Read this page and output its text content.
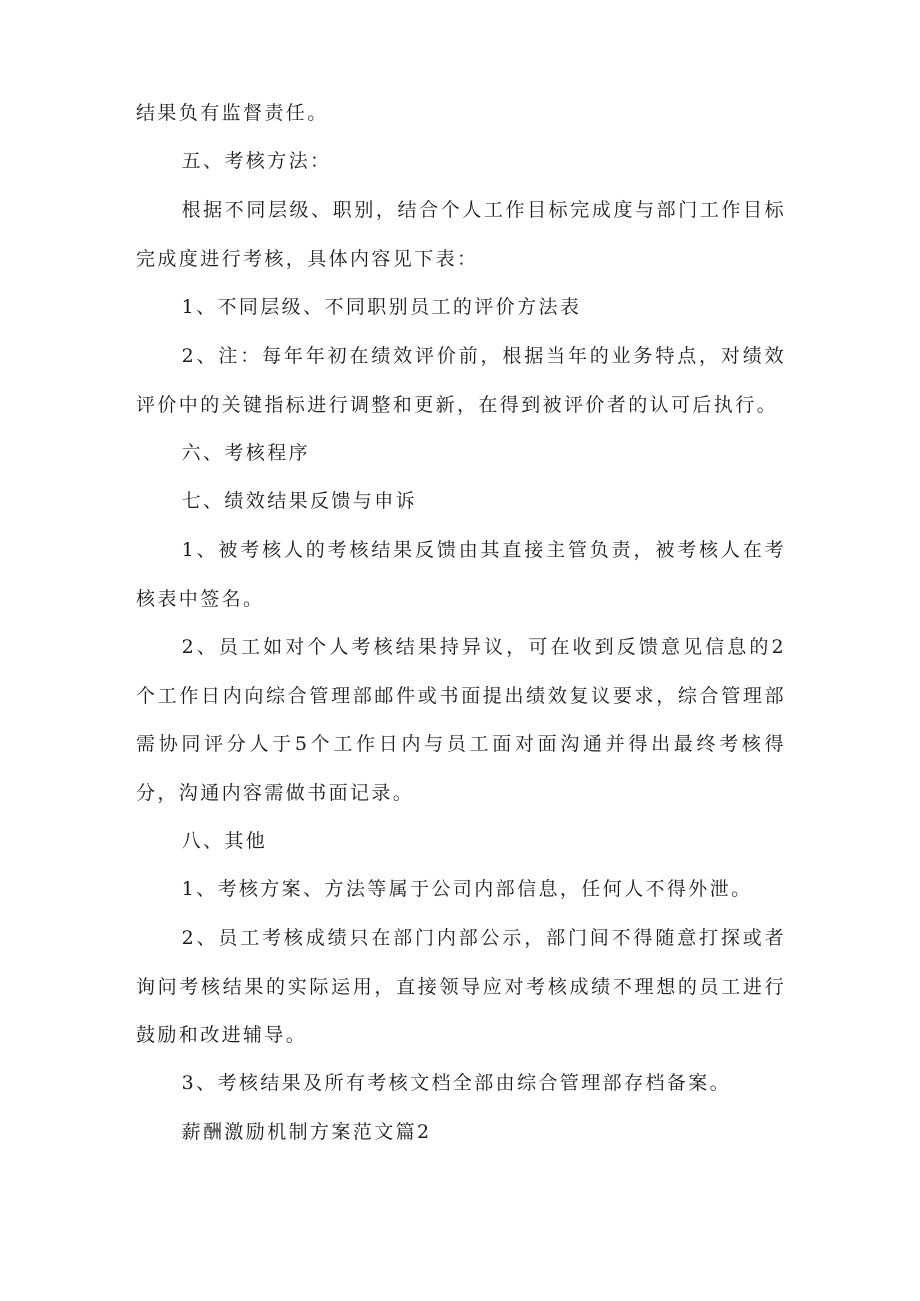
结果负有监督责任。

五、考核方法：

根据不同层级、职别，结合个人工作目标完成度与部门工作目标完成度进行考核，具体内容见下表：

1、不同层级、不同职别员工的评价方法表

2、注：每年年初在绩效评价前，根据当年的业务特点，对绩效评价中的关键指标进行调整和更新，在得到被评价者的认可后执行。

六、考核程序

七、绩效结果反馈与申诉

1、被考核人的考核结果反馈由其直接主管负责，被考核人在考核表中签名。

2、员工如对个人考核结果持异议，可在收到反馈意见信息的2个工作日内向综合管理部邮件或书面提出绩效复议要求，综合管理部需协同评分人于5个工作日内与员工面对面沟通并得出最终考核得分，沟通内容需做书面记录。

八、其他

1、考核方案、方法等属于公司内部信息，任何人不得外泄。

2、员工考核成绩只在部门内部公示，部门间不得随意打探或者询问考核结果的实际运用，直接领导应对考核成绩不理想的员工进行鼓励和改进辅导。

3、考核结果及所有考核文档全部由综合管理部存档备案。

薪酬激励机制方案范文篇2
